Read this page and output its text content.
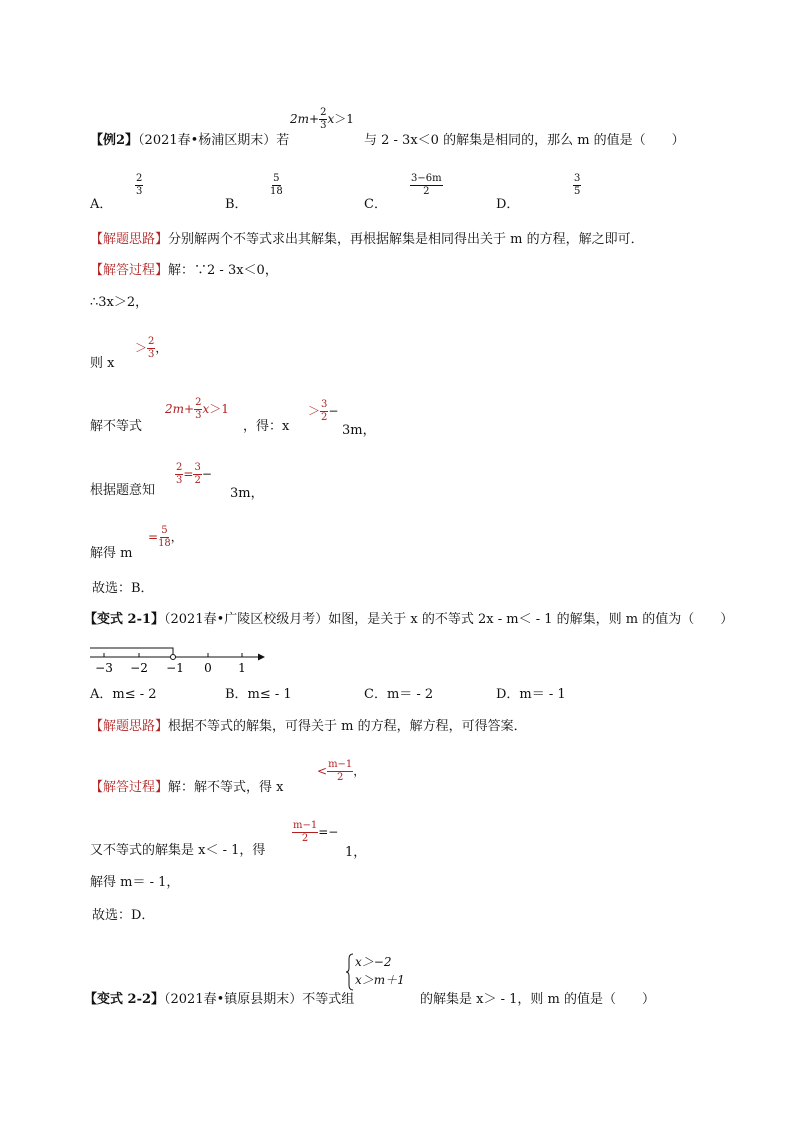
$2m+ \frac{2}{3} x>1$
【例2】（2021春•杨浦区期末）若	与 2 - 3x＜0 的解集是相同的，那么 m 的值是（　　）
A．
$\frac{2}{3}$
B．
$\frac{5}{18}$
C．
$\frac{3-6m}{2}$
D．
$\frac{3}{5}$
【解题思路】分别解两个不等式求出其解集，再根据解集是相同得出关于 m 的方程，解之即可．
【解答过程】解：∵2 - 3x＜0，
∴3x＞2，
则 x
＞ $\frac{2}{3}$ ，
解不等式
$2m+ \frac{2}{3} x>1$
，得：x
＞ $\frac{3}{2}$ −
3m，
根据题意知
$\frac{2}{3} = \frac{3}{2}$ −
3m，
解得 m
= $\frac{5}{18}$ ，
故选：B．
【变式 2-1】（2021春•广陵区校级月考）如图，是关于 x 的不等式 2x - m＜ - 1 的解集，则 m 的值为（　　）
−3 −2 −1 0 1
A．m≤ - 2	B．m≤ - 1	C．m＝ - 2	D．m＝ - 1
【解题思路】根据不等式的解集，可得关于 m 的方程，解方程，可得答案．
【解答过程】解：解不等式，得 x
< $\frac{m-1}{2}$ ，
又不等式的解集是 x＜ - 1，得
$\frac{m-1}{2}$ =−
1，
解得 m＝ - 1，
故选：D．
x＞−2
x＞m＋1
【变式 2-2】（2021春•镇原县期末）不等式组	的解集是 x＞ - 1，则 m 的值是（　　）
